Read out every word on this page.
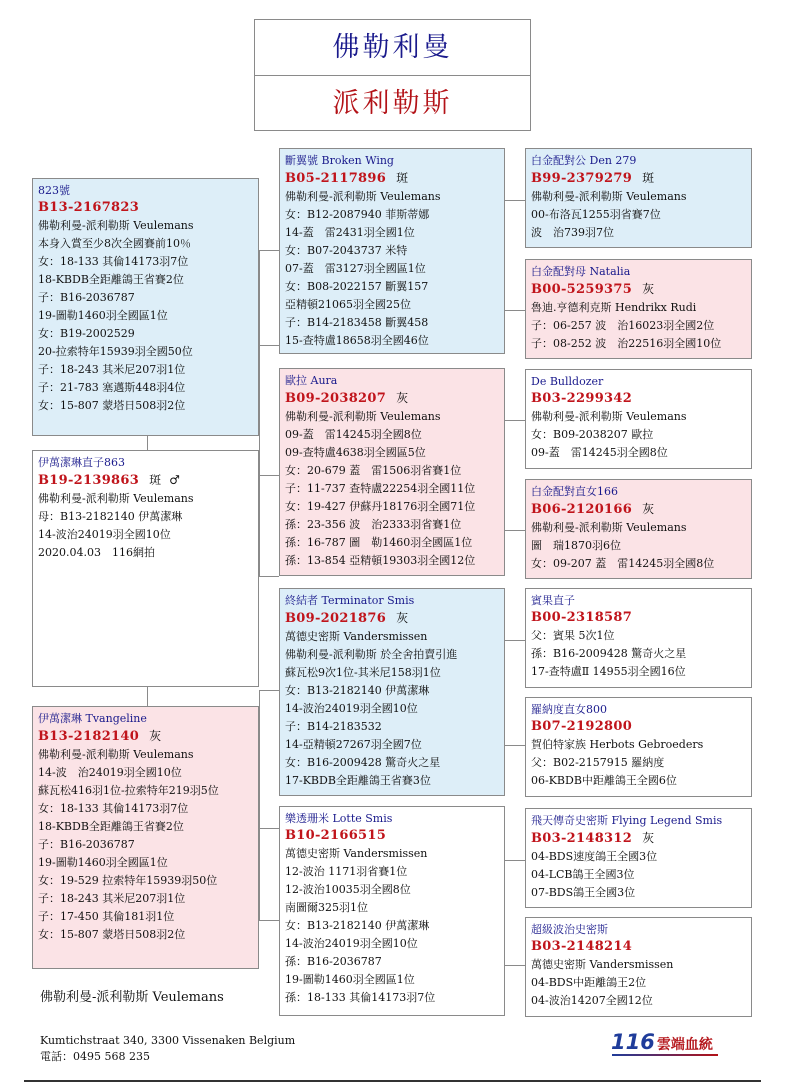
佛勒利曼
派利勒斯
823號
B13-2167823
佛勒利曼-派利勒斯 Veulemans
本身入賞至少8次全國賽前10％
女：18-133 其倫14173羽7位
18-KBDB全距離鴿王省賽2位
子：B16-2036787
19-圖勒1460羽全國區1位
女：B19-2002529
20-拉索特年15939羽全國50位
子：18-243 其米尼207羽1位
子：21-783 塞邁斯448羽4位
女：15-807 蒙塔日508羽2位
伊萬潔琳直子863
B19-2139863 斑 ♂
佛勒利曼-派利勒斯 Veulemans
母：B13-2182140 伊萬潔琳
14-波治24019羽全國10位
2020.04.03　116網拍
伊萬潔琳 Tvangeline
B13-2182140 灰
佛勒利曼-派利勒斯 Veulemans
14-波　治24019羽全國10位
蘇瓦松416羽1位-拉索特年219羽5位
女：18-133 其倫14173羽7位
18-KBDB全距離鴿王省賽2位
子：B16-2036787
19-圖勒1460羽全國區1位
女：19-529 拉索特年15939羽50位
子：18-243 其米尼207羽1位
子：17-450 其倫181羽1位
女：15-807 蒙塔日508羽2位
斷翼號 Broken Wing
B05-2117896 斑
佛勒利曼-派利勒斯 Veulemans
女：B12-2087940 菲斯蒂娜
14-蓋　雷2431羽全國1位
女：B07-2043737 米特
07-蓋　雷3127羽全國區1位
女：B08-2022157 斷翼157
亞精頓21065羽全國25位
子：B14-2183458 斷翼458
15-查特盧18658羽全國46位
歐拉 Aura
B09-2038207 灰
佛勒利曼-派利勒斯 Veulemans
09-蓋　雷14245羽全國8位
09-查特盧4638羽全國區5位
女：20-679 蓋　雷1506羽省賽1位
子：11-737 查特盧22254羽全國11位
女：19-427 伊蘇丹18176羽全國71位
孫：23-356 波　治2333羽省賽1位
孫：16-787 圖　勒1460羽全國區1位
孫：13-854 亞精頓19303羽全國12位
終結者 Terminator Smis
B09-2021876 灰
萬德史密斯 Vandersmissen
佛勒利曼-派利勒斯 於全舍拍賣引進
蘇瓦松9次1位-其米尼158羽1位
女：B13-2182140 伊萬潔琳
14-波治24019羽全國10位
子：B14-2183532
14-亞精頓27267羽全國7位
女：B16-2009428 驚奇火之星
17-KBDB全距離鴿王省賽3位
樂透珊米 Lotte Smis
B10-2166515
萬德史密斯 Vandersmissen
12-波治 1171羽省賽1位
12-波治10035羽全國8位
南圖爾325羽1位
女：B13-2182140 伊萬潔琳
14-波治24019羽全國10位
孫：B16-2036787
19-圖勒1460羽全國區1位
孫：18-133 其倫14173羽7位
白金配對公 Den 279
B99-2379279 斑
佛勒利曼-派利勒斯 Veulemans
00-布洛瓦1255羽省賽7位
波　治739羽7位
白金配對母 Natalia
B00-5259375 灰
魯迪.亨德利克斯 Hendrikx Rudi
子：06-257 波　治16023羽全國2位
子：08-252 波　治22516羽全國10位
De Bulldozer
B03-2299342
佛勒利曼-派利勒斯 Veulemans
女：B09-2038207 歐拉
09-蓋　雷14245羽全國8位
白金配對直女166
B06-2120166 灰
佛勒利曼-派利勒斯 Veulemans
圖　瑞1870羽6位
女：09-207 蓋　雷14245羽全國8位
賓果直子
B00-2318587
父：賓果 5次1位
孫：B16-2009428 驚奇火之星
17-查特盧Ⅱ 14955羽全國16位
羅納度直女800
B07-2192800
賀伯特家族 Herbots Gebroeders
父：B02-2157915 羅納度
06-KBDB中距離鴿王全國6位
飛天傳奇史密斯 Flying Legend Smis
B03-2148312 灰
04-BDS速度鴿王全國3位
04-LCB鴿王全國3位
07-BDS鴿王全國3位
超級波治史密斯
B03-2148214
萬德史密斯 Vandersmissen
04-BDS中距離鴿王2位
04-波治14207全國12位
佛勒利曼-派利勒斯 Veulemans
Kumtichstraat 340, 3300 Vissenaken Belgium
電話：0495 568 235
116 雲端血統
